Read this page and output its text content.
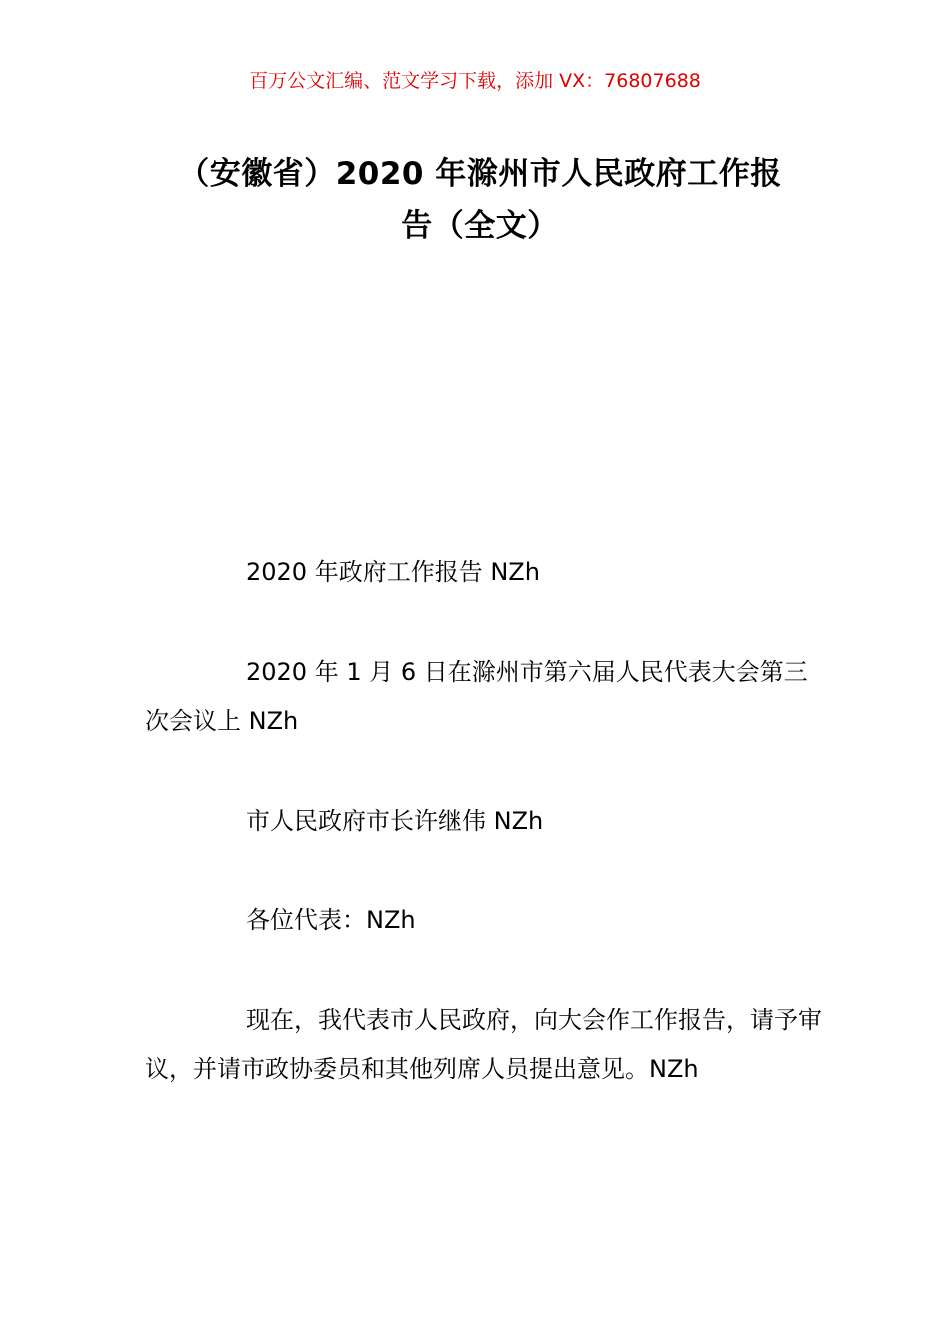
百万公文汇编、范文学习下载，添加 VX：76807688
（安徽省）2020 年滁州市人民政府工作报
告（全文）

2020 年政府工作报告 NZh

2020 年 1 月 6 日在滁州市第六届人民代表大会第三次会议上 NZh

市人民政府市长许继伟 NZh

各位代表：NZh

现在，我代表市人民政府，向大会作工作报告，请予审议，并请市政协委员和其他列席人员提出意见。NZh
